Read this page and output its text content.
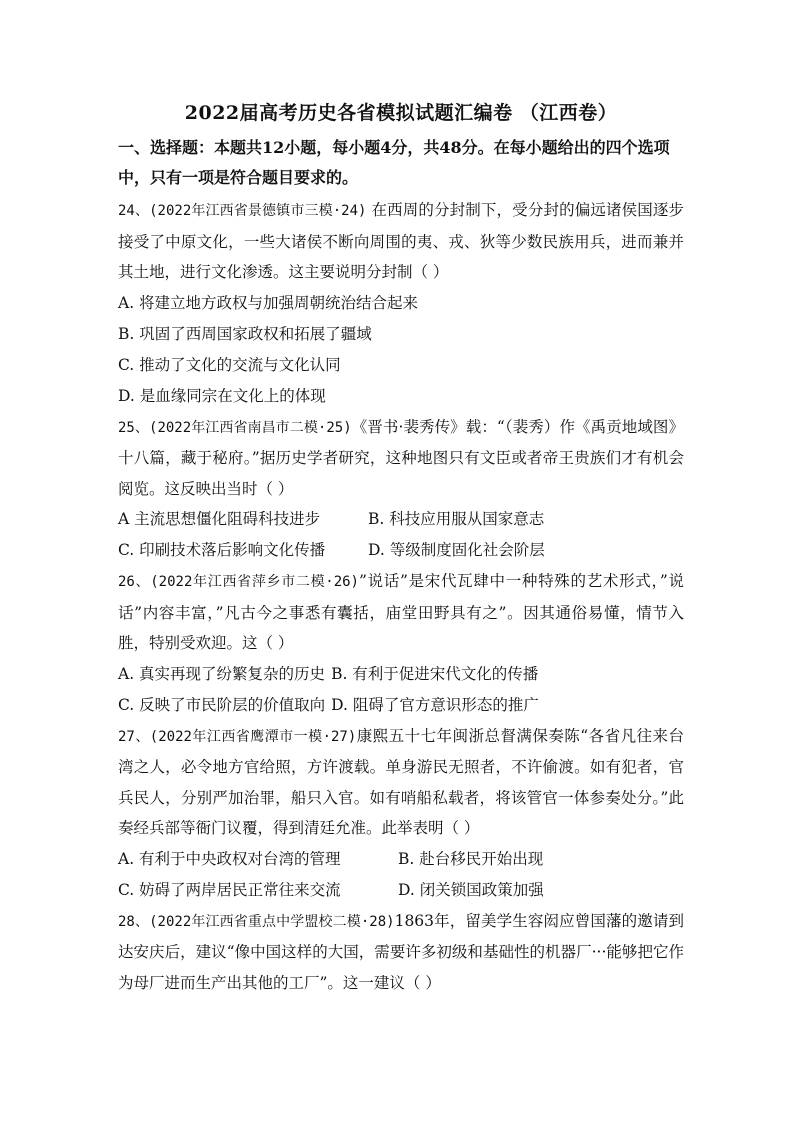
2022届高考历史各省模拟试题汇编卷 （江西卷）

一、选择题：本题共12小题，每小题4分，共48分。在每小题给出的四个选项中，只有一项是符合题目要求的。

24、(2022年江西省景德镇市三模·24) 在西周的分封制下，受分封的偏远诸侯国逐步接受了中原文化，一些大诸侯不断向周围的夷、戎、狄等少数民族用兵，进而兼并其土地，进行文化渗透。这主要说明分封制（ ）

A. 将建立地方政权与加强周朝统治结合起来

B. 巩固了西周国家政权和拓展了疆域

C. 推动了文化的交流与文化认同

D. 是血缘同宗在文化上的体现

25、(2022年江西省南昌市二模·25)《晋书·裴秀传》载：“（裴秀）作《禹贡地域图》十八篇，藏于秘府。”据历史学者研究，这种地图只有文臣或者帝王贵族们才有机会阅览。这反映出当时（ ）

A 主流思想僵化阻碍科技进步	B. 科技应用服从国家意志
C. 印刷技术落后影响文化传播	D. 等级制度固化社会阶层

26、(2022年江西省萍乡市二模·26)”说话”是宋代瓦肆中一种特殊的艺术形式，”说话”内容丰富，”凡古今之事悉有囊括，庙堂田野具有之”。因其通俗易懂，情节入胜，特别受欢迎。这（ ）

A. 真实再现了纷繁复杂的历史 B. 有利于促进宋代文化的传播
C. 反映了市民阶层的价值取向 D. 阻碍了官方意识形态的推广

27、(2022年江西省鹰潭市一模·27)康熙五十七年闽浙总督满保奏陈“各省凡往来台湾之人，必令地方官给照，方许渡载。单身游民无照者，不许偷渡。如有犯者，官兵民人，分别严加治罪，船只入官。如有哨船私载者，将该管官一体参奏处分。”此奏经兵部等衙门议覆，得到清廷允准。此举表明（ ）

A. 有利于中央政权对台湾的管理	B. 赴台移民开始出现
C. 妨碍了两岸居民正常往来交流	D. 闭关锁国政策加强

28、(2022年江西省重点中学盟校二模·28)1863年，留美学生容闳应曾国藩的邀请到达安庆后，建议“像中国这样的大国，需要许多初级和基础性的机器厂···能够把它作为母厂进而生产出其他的工厂”。这一建议（ ）
